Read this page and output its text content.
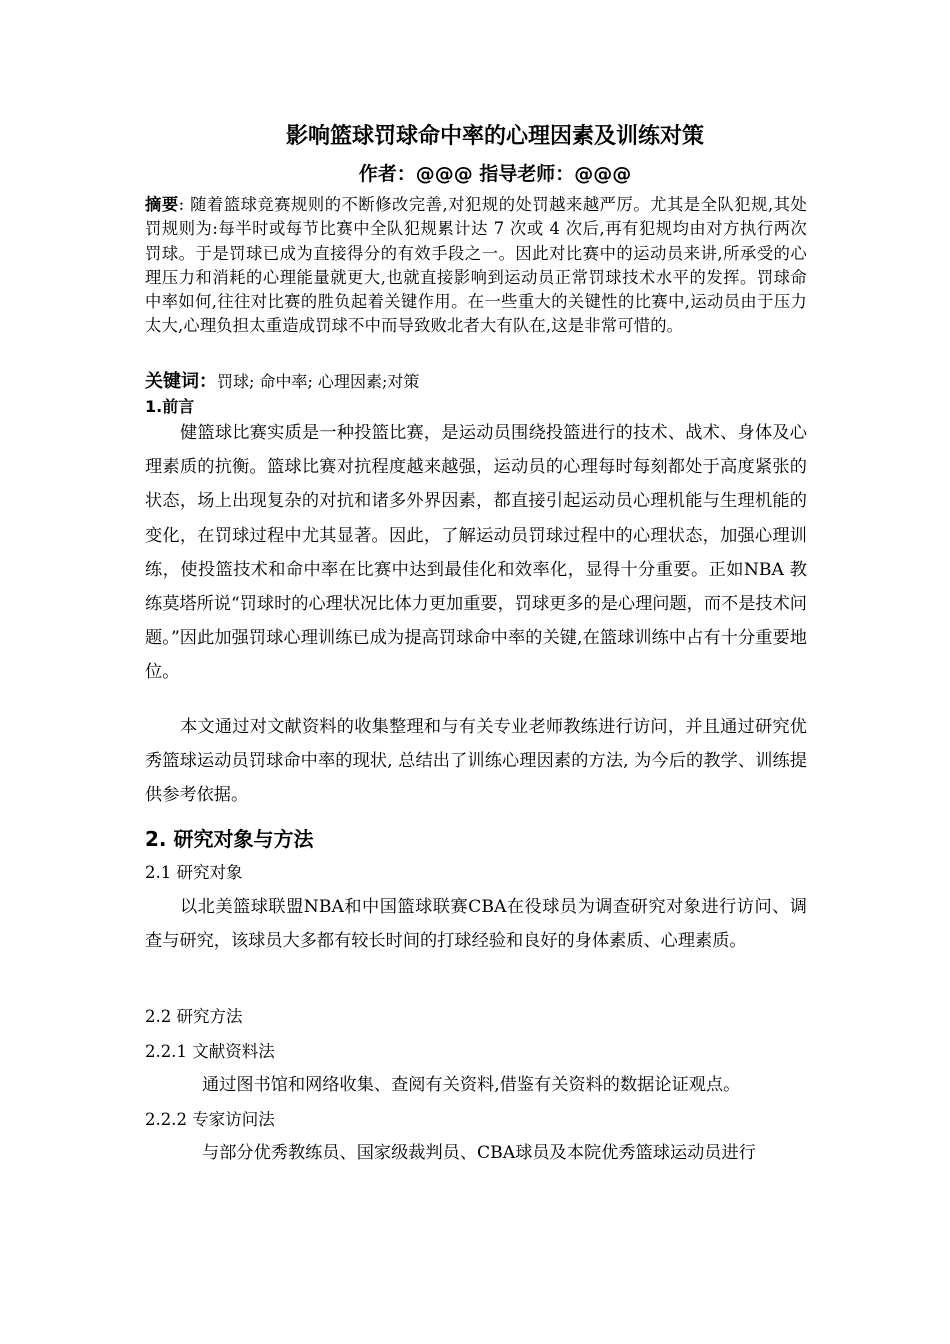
影响篮球罚球命中率的心理因素及训练对策
作者：@@@ 指导老师：@@@
摘要: 随着篮球竞赛规则的不断修改完善,对犯规的处罚越来越严厉。尤其是全队犯规,其处罚规则为:每半时或每节比赛中全队犯规累计达 7 次或 4 次后,再有犯规均由对方执行两次罚球。于是罚球已成为直接得分的有效手段之一。因此对比赛中的运动员来讲,所承受的心理压力和消耗的心理能量就更大,也就直接影响到运动员正常罚球技术水平的发挥。罚球命中率如何,往往对比赛的胜负起着关键作用。在一些重大的关键性的比赛中,运动员由于压力太大,心理负担太重造成罚球不中而导致败北者大有队在,这是非常可惜的。
关键词：罚球; 命中率; 心理因素;对策
1.前言
健篮球比赛实质是一种投篮比赛，是运动员围绕投篮进行的技术、战术、身体及心理素质的抗衡。篮球比赛对抗程度越来越强，运动员的心理每时每刻都处于高度紧张的状态，场上出现复杂的对抗和诸多外界因素，都直接引起运动员心理机能与生理机能的变化，在罚球过程中尤其显著。因此，了解运动员罚球过程中的心理状态，加强心理训练，使投篮技术和命中率在比赛中达到最佳化和效率化，显得十分重要。正如NBA 教练莫塔所说“罚球时的心理状况比体力更加重要，罚球更多的是心理问题，而不是技术问题。”因此加强罚球心理训练已成为提高罚球命中率的关键,在篮球训练中占有十分重要地位。
本文通过对文献资料的收集整理和与有关专业老师教练进行访问，并且通过研究优秀篮球运动员罚球命中率的现状, 总结出了训练心理因素的方法, 为今后的教学、训练提供参考依据。
2. 研究对象与方法
2.1 研究对象
以北美篮球联盟NBA和中国篮球联赛CBA在役球员为调查研究对象进行访问、调查与研究，该球员大多都有较长时间的打球经验和良好的身体素质、心理素质。
2.2 研究方法
2.2.1 文献资料法
通过图书馆和网络收集、查阅有关资料,借鉴有关资料的数据论证观点。
2.2.2 专家访问法
与部分优秀教练员、国家级裁判员、CBA球员及本院优秀篮球运动员进行
